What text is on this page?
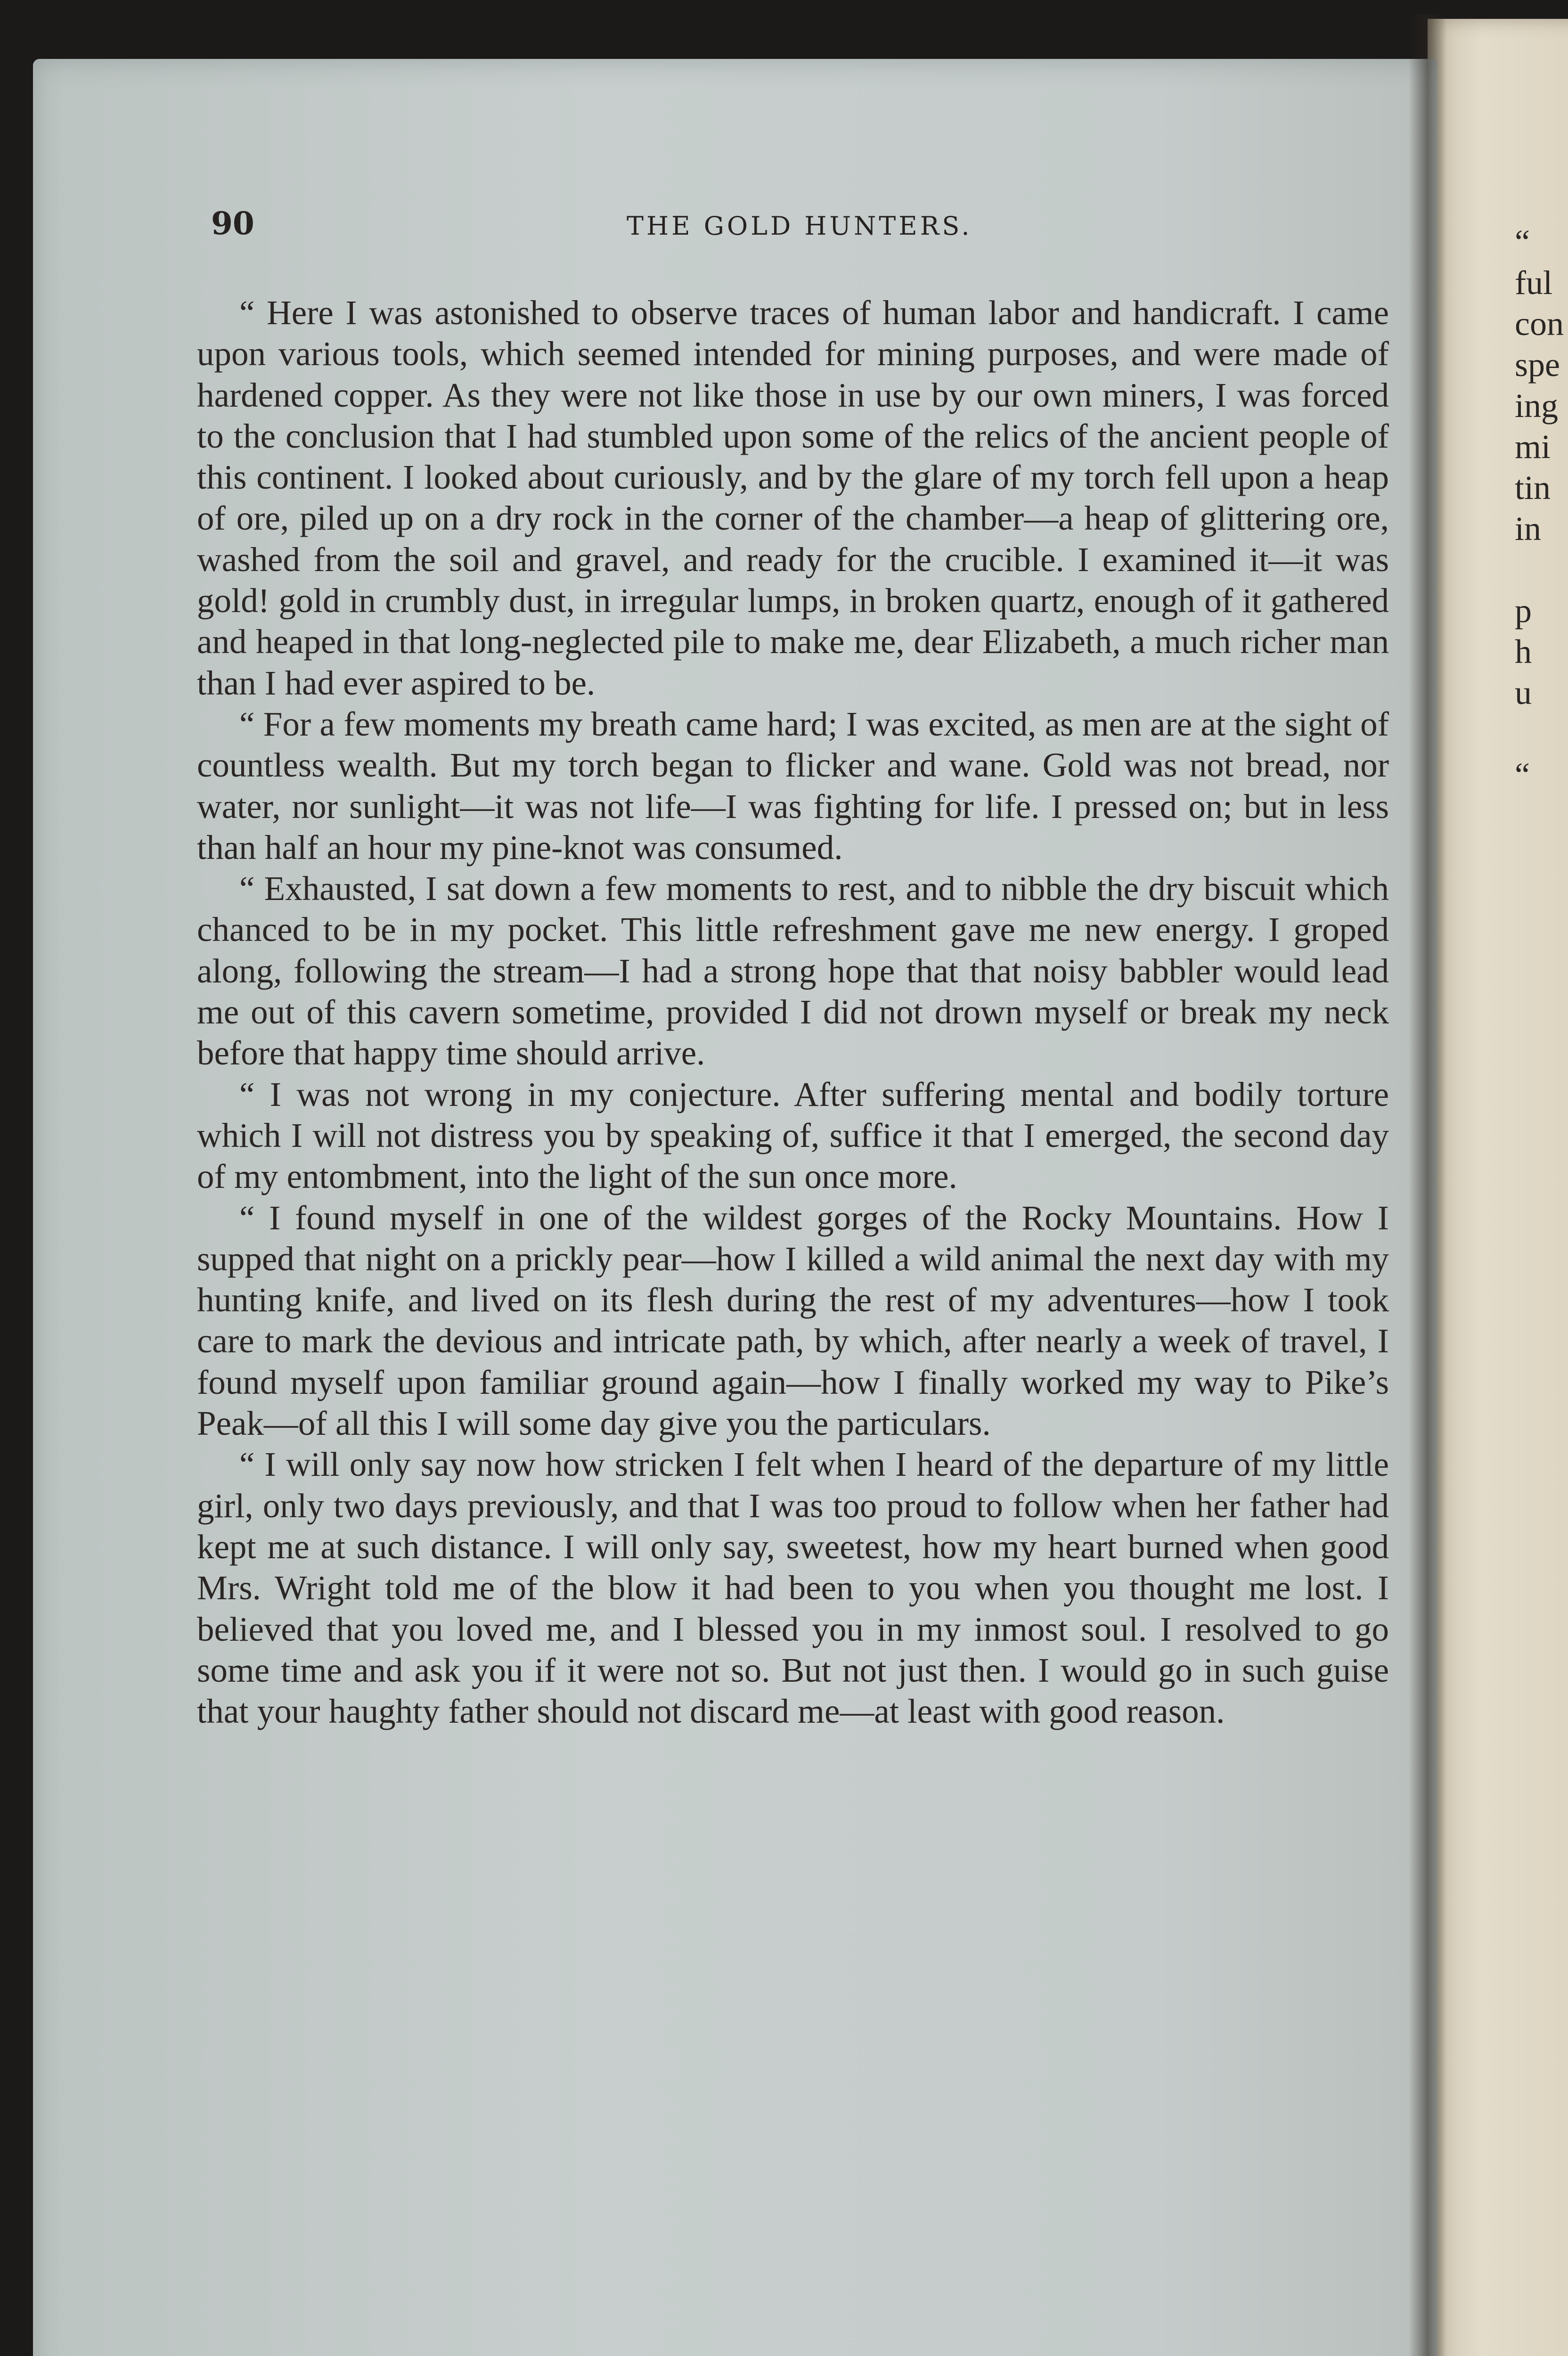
“
ful
con
spe
ing
mi
tin
in

p
h
u

“
90	THE GOLD HUNTERS.

“ Here I was astonished to observe traces of human labor and handicraft. I came upon various tools, which seemed intended for mining purposes, and were made of hardened copper. As they were not like those in use by our own miners, I was forced to the conclusion that I had stumbled upon some of the relics of the ancient people of this continent. I looked about curiously, and by the glare of my torch fell upon a heap of ore, piled up on a dry rock in the corner of the chamber—a heap of glittering ore, washed from the soil and gravel, and ready for the crucible. I examined it—it was gold! gold in crumbly dust, in irregular lumps, in broken quartz, enough of it gathered and heaped in that long-neglected pile to make me, dear Elizabeth, a much richer man than I had ever aspired to be.

“ For a few moments my breath came hard; I was excited, as men are at the sight of countless wealth. But my torch began to flicker and wane. Gold was not bread, nor water, nor sunlight—it was not life—I was fighting for life. I pressed on; but in less than half an hour my pine-knot was consumed.

“ Exhausted, I sat down a few moments to rest, and to nibble the dry biscuit which chanced to be in my pocket. This little refreshment gave me new energy. I groped along, following the stream—I had a strong hope that that noisy babbler would lead me out of this cavern sometime, provided I did not drown myself or break my neck before that happy time should arrive.

“ I was not wrong in my conjecture. After suffering mental and bodily torture which I will not distress you by speaking of, suffice it that I emerged, the second day of my entombment, into the light of the sun once more.

“ I found myself in one of the wildest gorges of the Rocky Mountains. How I supped that night on a prickly pear—how I killed a wild animal the next day with my hunting knife, and lived on its flesh during the rest of my adventures—how I took care to mark the devious and intricate path, by which, after nearly a week of travel, I found myself upon familiar ground again—how I finally worked my way to Pike’s Peak—of all this I will some day give you the particulars.

“ I will only say now how stricken I felt when I heard of the departure of my little girl, only two days previously, and that I was too proud to follow when her father had kept me at such distance. I will only say, sweetest, how my heart burned when good Mrs. Wright told me of the blow it had been to you when you thought me lost. I believed that you loved me, and I blessed you in my inmost soul. I resolved to go some time and ask you if it were not so. But not just then. I would go in such guise that your haughty father should not discard me—at least with good reason.
